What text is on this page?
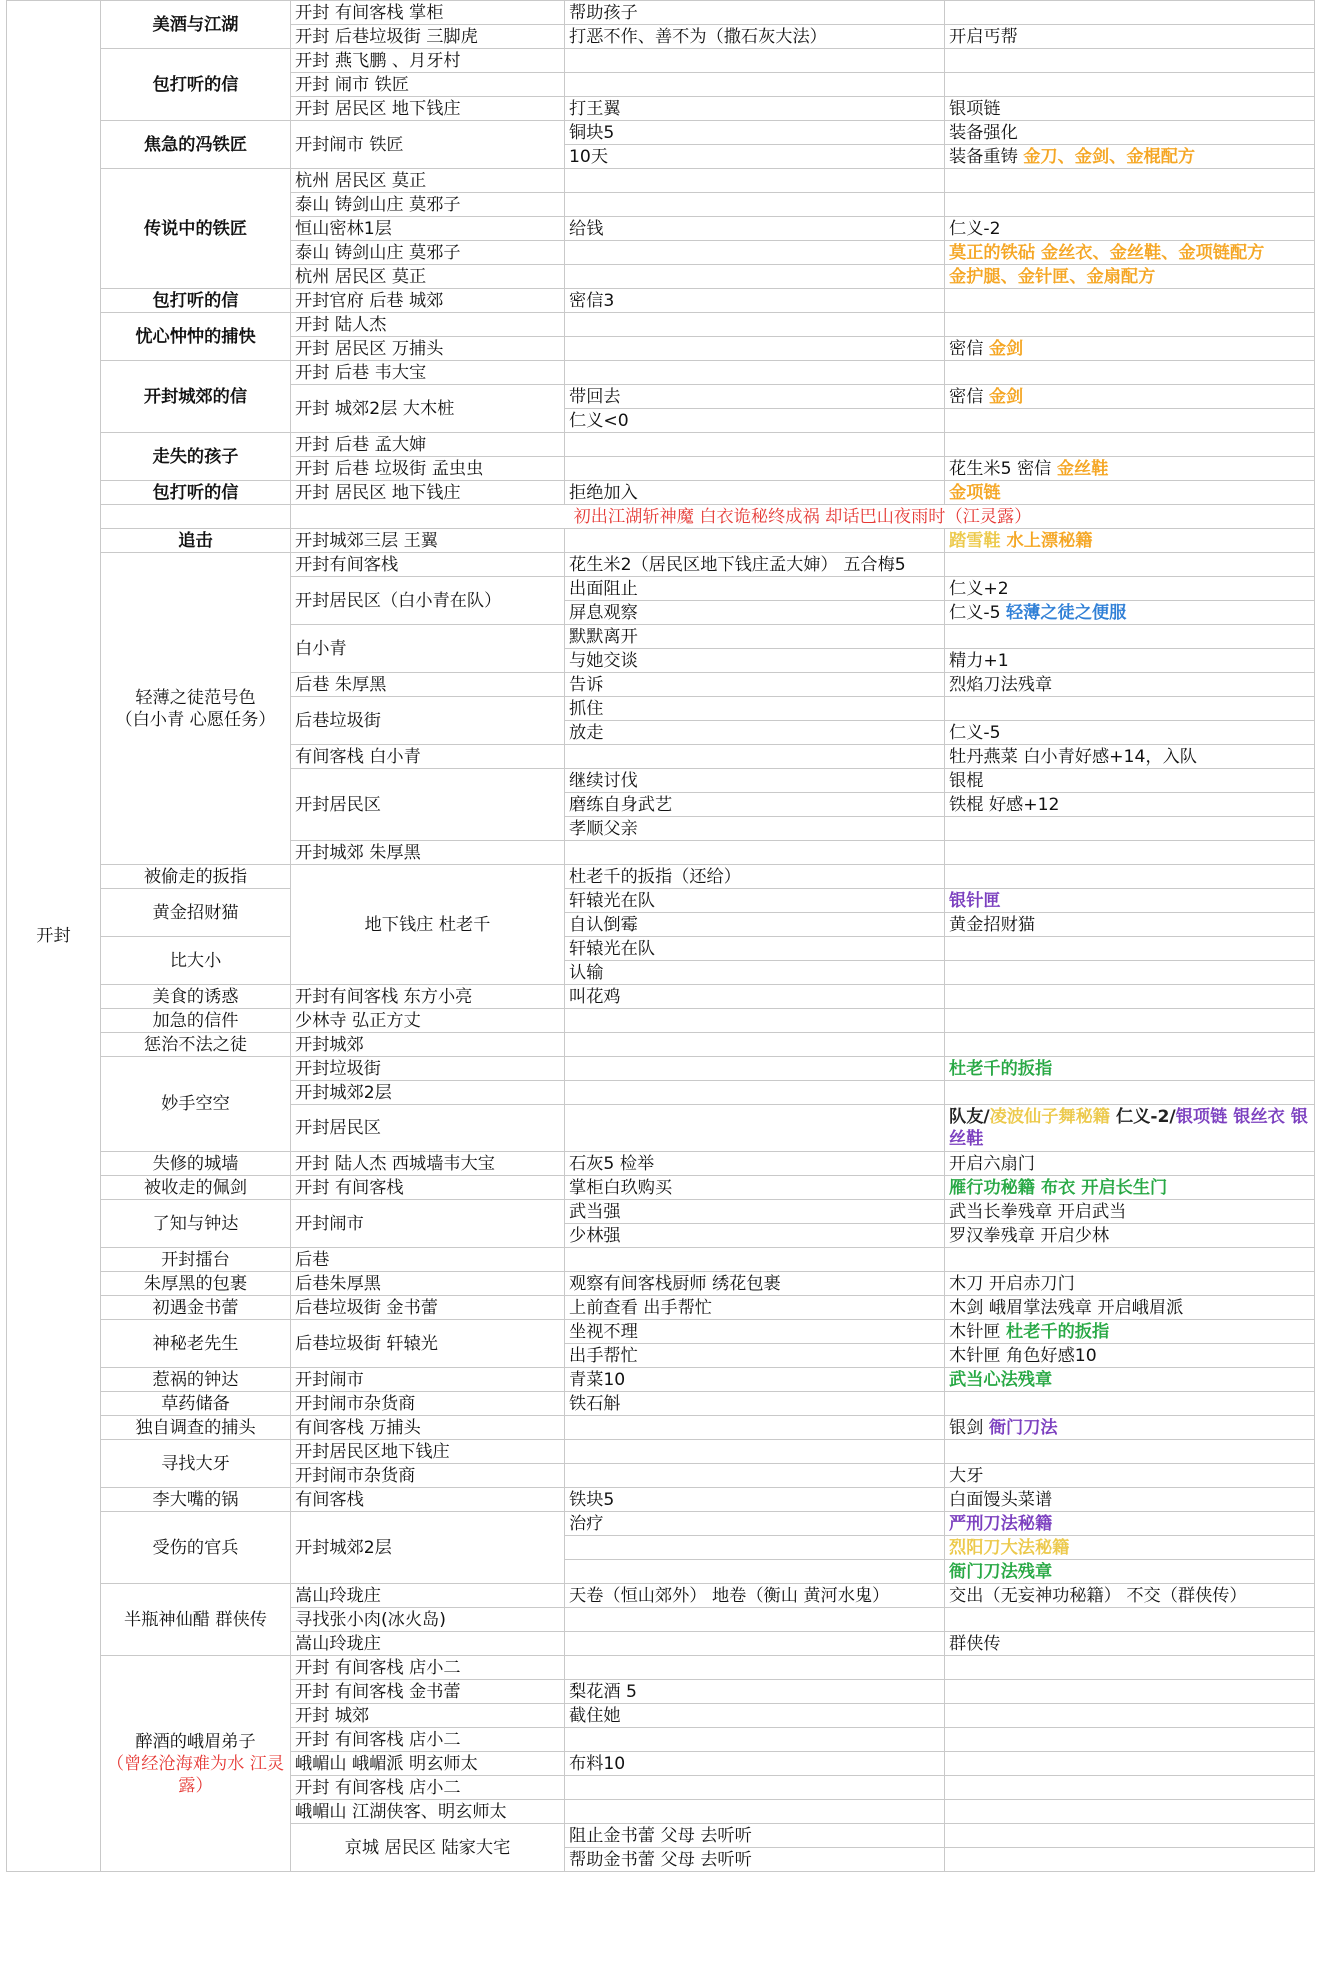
开封	美酒与江湖	开封 有间客栈 掌柜	帮助孩子	
		开封 后巷垃圾街 三脚虎	打恶不作、善不为（撒石灰大法）	开启丐帮
	包打听的信	开封 燕飞鹏 、月牙村		
		开封 闹市 铁匠		
		开封 居民区 地下钱庄	打王翼	银项链
	焦急的冯铁匠	开封闹市 铁匠	铜块5	装备强化
			10天	装备重铸 金刀、金剑、金棍配方
	传说中的铁匠	杭州 居民区 莫正		
		泰山 铸剑山庄 莫邪子		
		恒山密林1层	给钱	仁义-2
		泰山 铸剑山庄 莫邪子		莫正的铁砧 金丝衣、金丝鞋、金项链配方
		杭州 居民区 莫正		金护腿、金针匣、金扇配方
	包打听的信	开封官府 后巷 城郊	密信3	
	忧心忡忡的捕快	开封 陆人杰		
		开封 居民区 万捕头		密信 金剑
	开封城郊的信	开封 后巷 韦大宝		
		开封 城郊2层 大木桩	带回去	密信 金剑
			仁义<0	
	走失的孩子	开封 后巷 孟大婶		
		开封 后巷 垃圾街 孟虫虫		花生米5 密信 金丝鞋
	包打听的信	开封 居民区 地下钱庄	拒绝加入	金项链
		初出江湖斩神魔 白衣诡秘终成祸 却话巴山夜雨时（江灵露）		
	追击	开封城郊三层 王翼		踏雪鞋 水上漂秘籍

	轻薄之徒范号色
（白小青 心愿任务）	开封有间客栈	花生米2（居民区地下钱庄孟大婶） 五合梅5	
		开封居民区（白小青在队）	出面阻止	仁义+2
			屏息观察	仁义-5 轻薄之徒之便服
		白小青	默默离开	
			与她交谈	精力+1
		后巷 朱厚黑	告诉	烈焰刀法残章
		后巷垃圾街	抓住	
			放走	仁义-5
		有间客栈 白小青		牡丹燕菜 白小青好感+14，入队
		开封居民区	继续讨伐	银棍
			磨练自身武艺	铁棍 好感+12
			孝顺父亲	
		开封城郊 朱厚黑		
	被偷走的扳指	地下钱庄 杜老千	杜老千的扳指（还给）	
	黄金招财猫		轩辕光在队	银针匣
			自认倒霉	黄金招财猫
	比大小		轩辕光在队	
			认输	
	美食的诱惑	开封有间客栈 东方小亮	叫花鸡	
	加急的信件	少林寺 弘正方丈		
	惩治不法之徒	开封城郊		
	妙手空空	开封垃圾街		杜老千的扳指
		开封城郊2层		
		开封居民区		队友/凌波仙子舞秘籍 仁义-2/银项链 银丝衣 银丝鞋
	失修的城墙	开封 陆人杰 西城墙韦大宝	石灰5 检举	开启六扇门
	被收走的佩剑	开封 有间客栈	掌柜白玖购买	雁行功秘籍 布衣 开启长生门
	了知与钟达	开封闹市	武当强	武当长拳残章 开启武当
			少林强	罗汉拳残章 开启少林
	开封擂台	后巷		
	朱厚黑的包裹	后巷朱厚黑	观察有间客栈厨师 绣花包裹	木刀 开启赤刀门
	初遇金书蕾	后巷垃圾街 金书蕾	上前查看 出手帮忙	木剑 峨眉掌法残章 开启峨眉派
	神秘老先生	后巷垃圾街 轩辕光	坐视不理	木针匣 杜老千的扳指
			出手帮忙	木针匣 角色好感10
	惹祸的钟达	开封闹市	青菜10	武当心法残章
	草药储备	开封闹市杂货商	铁石斛	
	独自调查的捕头	有间客栈 万捕头		银剑 衙门刀法
	寻找大牙	开封居民区地下钱庄		
		开封闹市杂货商		大牙
	李大嘴的锅	有间客栈	铁块5	白面馒头菜谱
	受伤的官兵	开封城郊2层	治疗	严刑刀法秘籍
				烈阳刀大法秘籍
				衙门刀法残章
	半瓶神仙醋 群侠传	嵩山玲珑庄	天卷（恒山郊外） 地卷（衡山 黄河水鬼）	交出（无妄神功秘籍） 不交（群侠传）
		寻找张小肉(冰火岛)		
		嵩山玲珑庄		群侠传

	醉酒的峨眉弟子
（曾经沧海难为水 江灵露）	开封 有间客栈 店小二		
		开封 有间客栈 金书蕾	梨花酒 5	
		开封 城郊	截住她	
		开封 有间客栈 店小二		
		峨嵋山 峨嵋派 明玄师太	布料10	
		开封 有间客栈 店小二		
		峨嵋山 江湖侠客、明玄师太		
		京城 居民区 陆家大宅	阻止金书蕾 父母 去听听	
			帮助金书蕾 父母 去听听	
